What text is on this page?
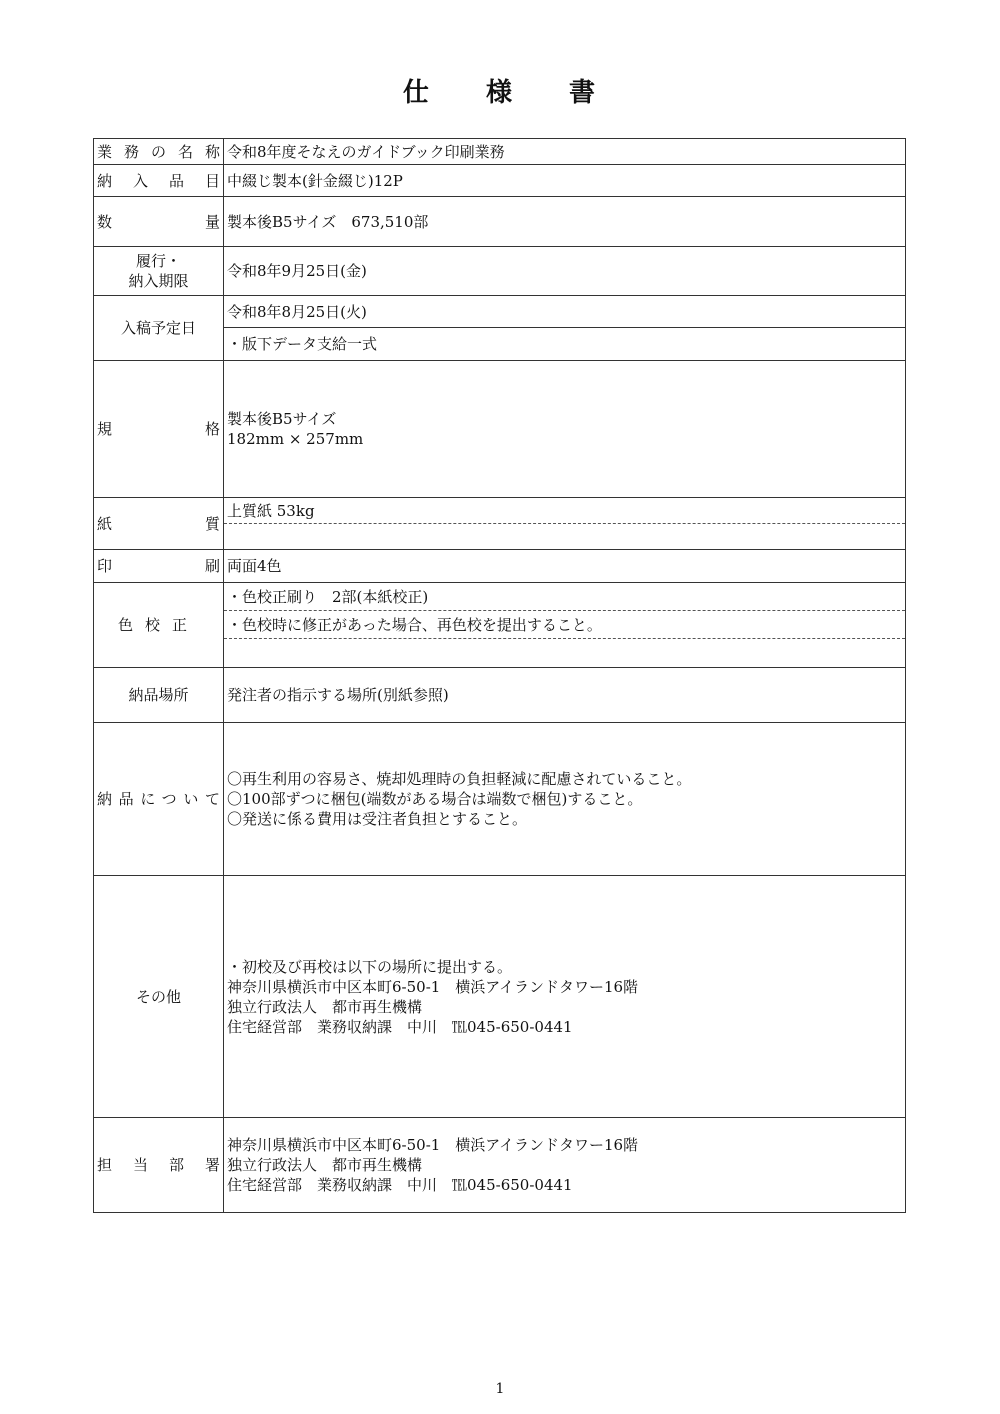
仕 様 書
業務の名称	令和8年度そなえのガイドブック印刷業務
納入品目	中綴じ製本(針金綴じ)12P
数量	製本後B5サイズ　673,510部

履行・
納入期限	令和8年9月25日(金)
入稿予定日	令和8年8月25日(火)
	・版下データ支給一式
規格	製本後B5サイズ
182mm × 257mm

紙質	上質紙 53kg

印刷	両面4色
色校正	・色校正刷り　2部(本紙校正)
	・色校時に修正があった場合、再色校を提出すること。

納品場所	発注者の指示する場所(別紙参照)
納品について	〇再生利用の容易さ、焼却処理時の負担軽減に配慮されていること。
〇100部ずつに梱包(端数がある場合は端数で梱包)すること。
〇発送に係る費用は受注者負担とすること。

その他	・初校及び再校は以下の場所に提出する。
神奈川県横浜市中区本町6-50-1　横浜アイランドタワー16階
独立行政法人　都市再生機構
住宅経営部　業務収納課　中川　℡045-650-0441

担当部署	神奈川県横浜市中区本町6-50-1　横浜アイランドタワー16階
独立行政法人　都市再生機構
住宅経営部　業務収納課　中川　℡045-650-0441
1
